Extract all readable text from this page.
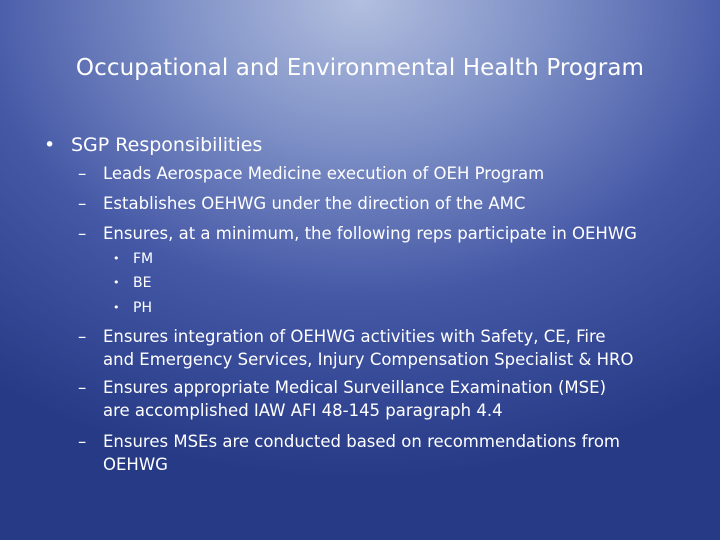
Occupational and Environmental Health Program
• SGP Responsibilities
– Leads Aerospace Medicine execution of OEH Program
– Establishes OEHWG under the direction of the AMC
– Ensures, at a minimum, the following reps participate in OEHWG
• FM
• BE
• PH
– Ensures integration of OEHWG activities with Safety, CE, Fire
and Emergency Services, Injury Compensation Specialist & HRO
– Ensures appropriate Medical Surveillance Examination (MSE)
are accomplished IAW AFI 48-145 paragraph 4.4
– Ensures MSEs are conducted based on recommendations from
OEHWG
